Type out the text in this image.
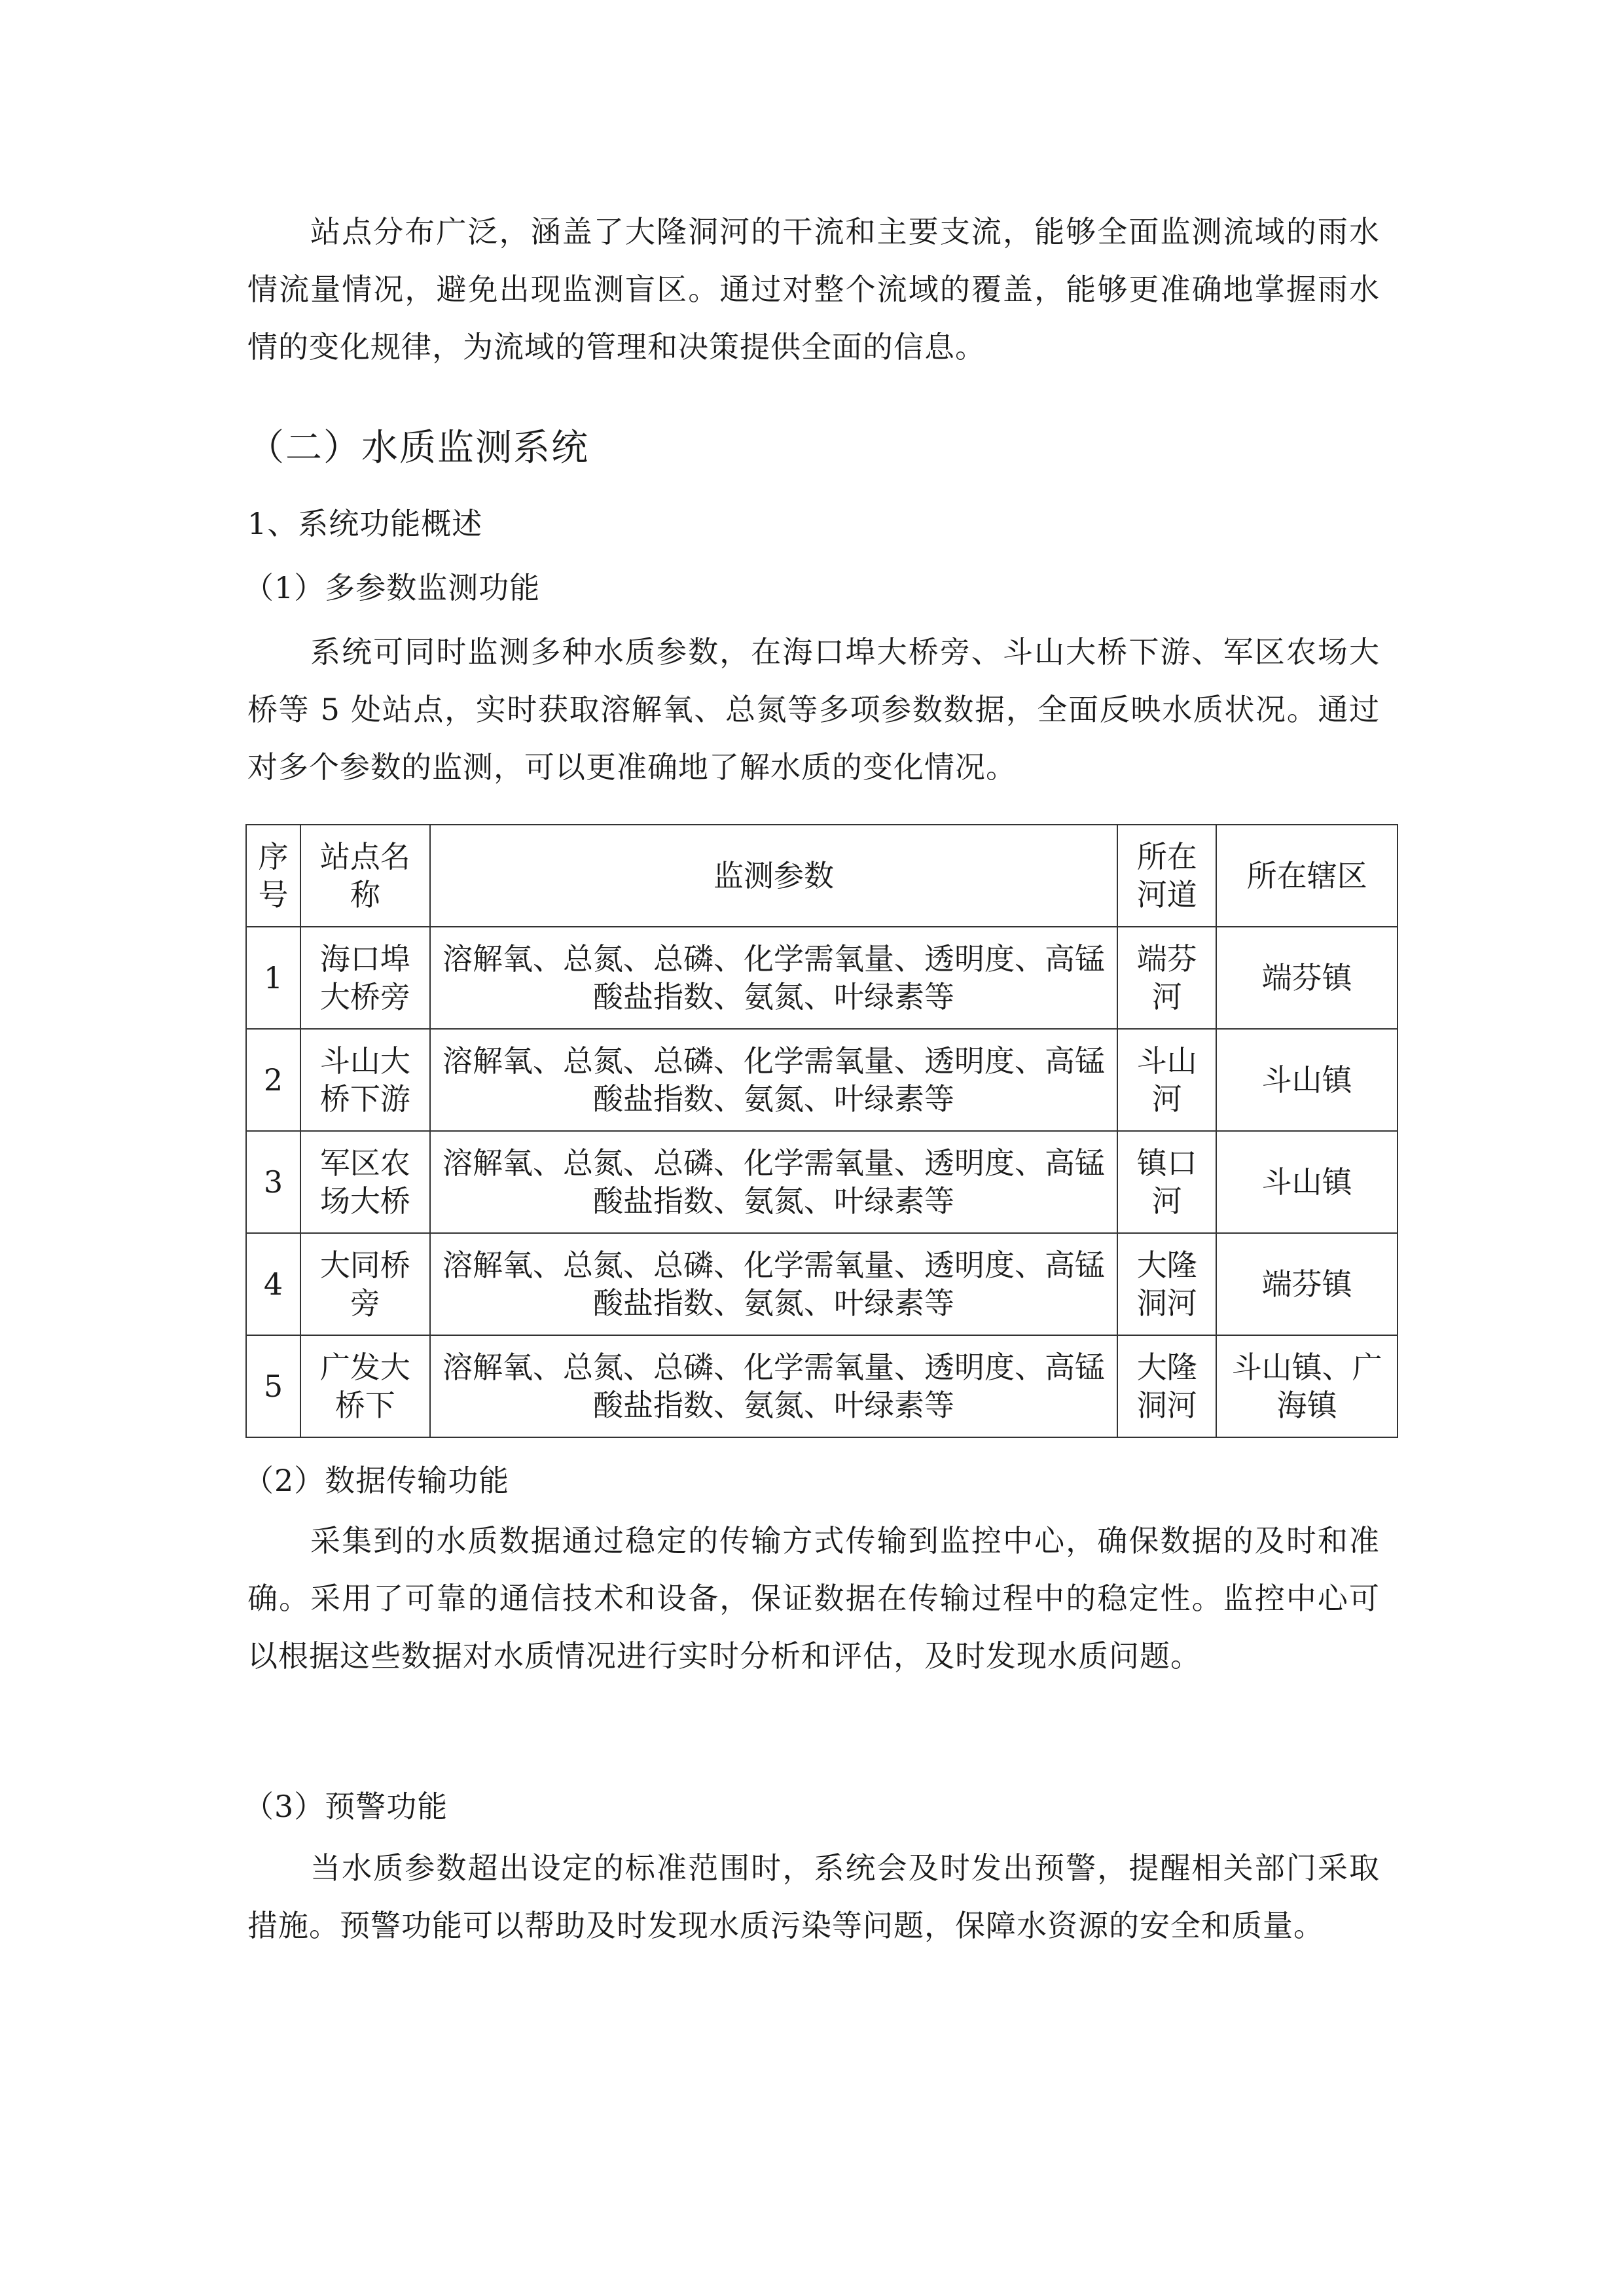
站点分布广泛，涵盖了大隆洞河的干流和主要支流，能够全面监测流域的雨水情流量情况，避免出现监测盲区。通过对整个流域的覆盖，能够更准确地掌握雨水情的变化规律，为流域的管理和决策提供全面的信息。

（二）水质监测系统

1、系统功能概述

（1）多参数监测功能

系统可同时监测多种水质参数，在海口埠大桥旁、斗山大桥下游、军区农场大桥等 5 处站点，实时获取溶解氧、总氮等多项参数数据，全面反映水质状况。通过对多个参数的监测，可以更准确地了解水质的变化情况。

序号	站点名称	监测参数	所在河道	所在辖区
1	海口埠大桥旁	溶解氧、总氮、总磷、化学需氧量、透明度、高锰酸盐指数、氨氮、叶绿素等	端芬河	端芬镇
2	斗山大桥下游	溶解氧、总氮、总磷、化学需氧量、透明度、高锰酸盐指数、氨氮、叶绿素等	斗山河	斗山镇
3	军区农场大桥	溶解氧、总氮、总磷、化学需氧量、透明度、高锰酸盐指数、氨氮、叶绿素等	镇口河	斗山镇
4	大同桥旁	溶解氧、总氮、总磷、化学需氧量、透明度、高锰酸盐指数、氨氮、叶绿素等	大隆洞河	端芬镇
5	广发大桥下	溶解氧、总氮、总磷、化学需氧量、透明度、高锰酸盐指数、氨氮、叶绿素等	大隆洞河	斗山镇、广海镇

（2）数据传输功能

采集到的水质数据通过稳定的传输方式传输到监控中心，确保数据的及时和准确。采用了可靠的通信技术和设备，保证数据在传输过程中的稳定性。监控中心可以根据这些数据对水质情况进行实时分析和评估，及时发现水质问题。

（3）预警功能

当水质参数超出设定的标准范围时，系统会及时发出预警，提醒相关部门采取措施。预警功能可以帮助及时发现水质污染等问题，保障水资源的安全和质量。
